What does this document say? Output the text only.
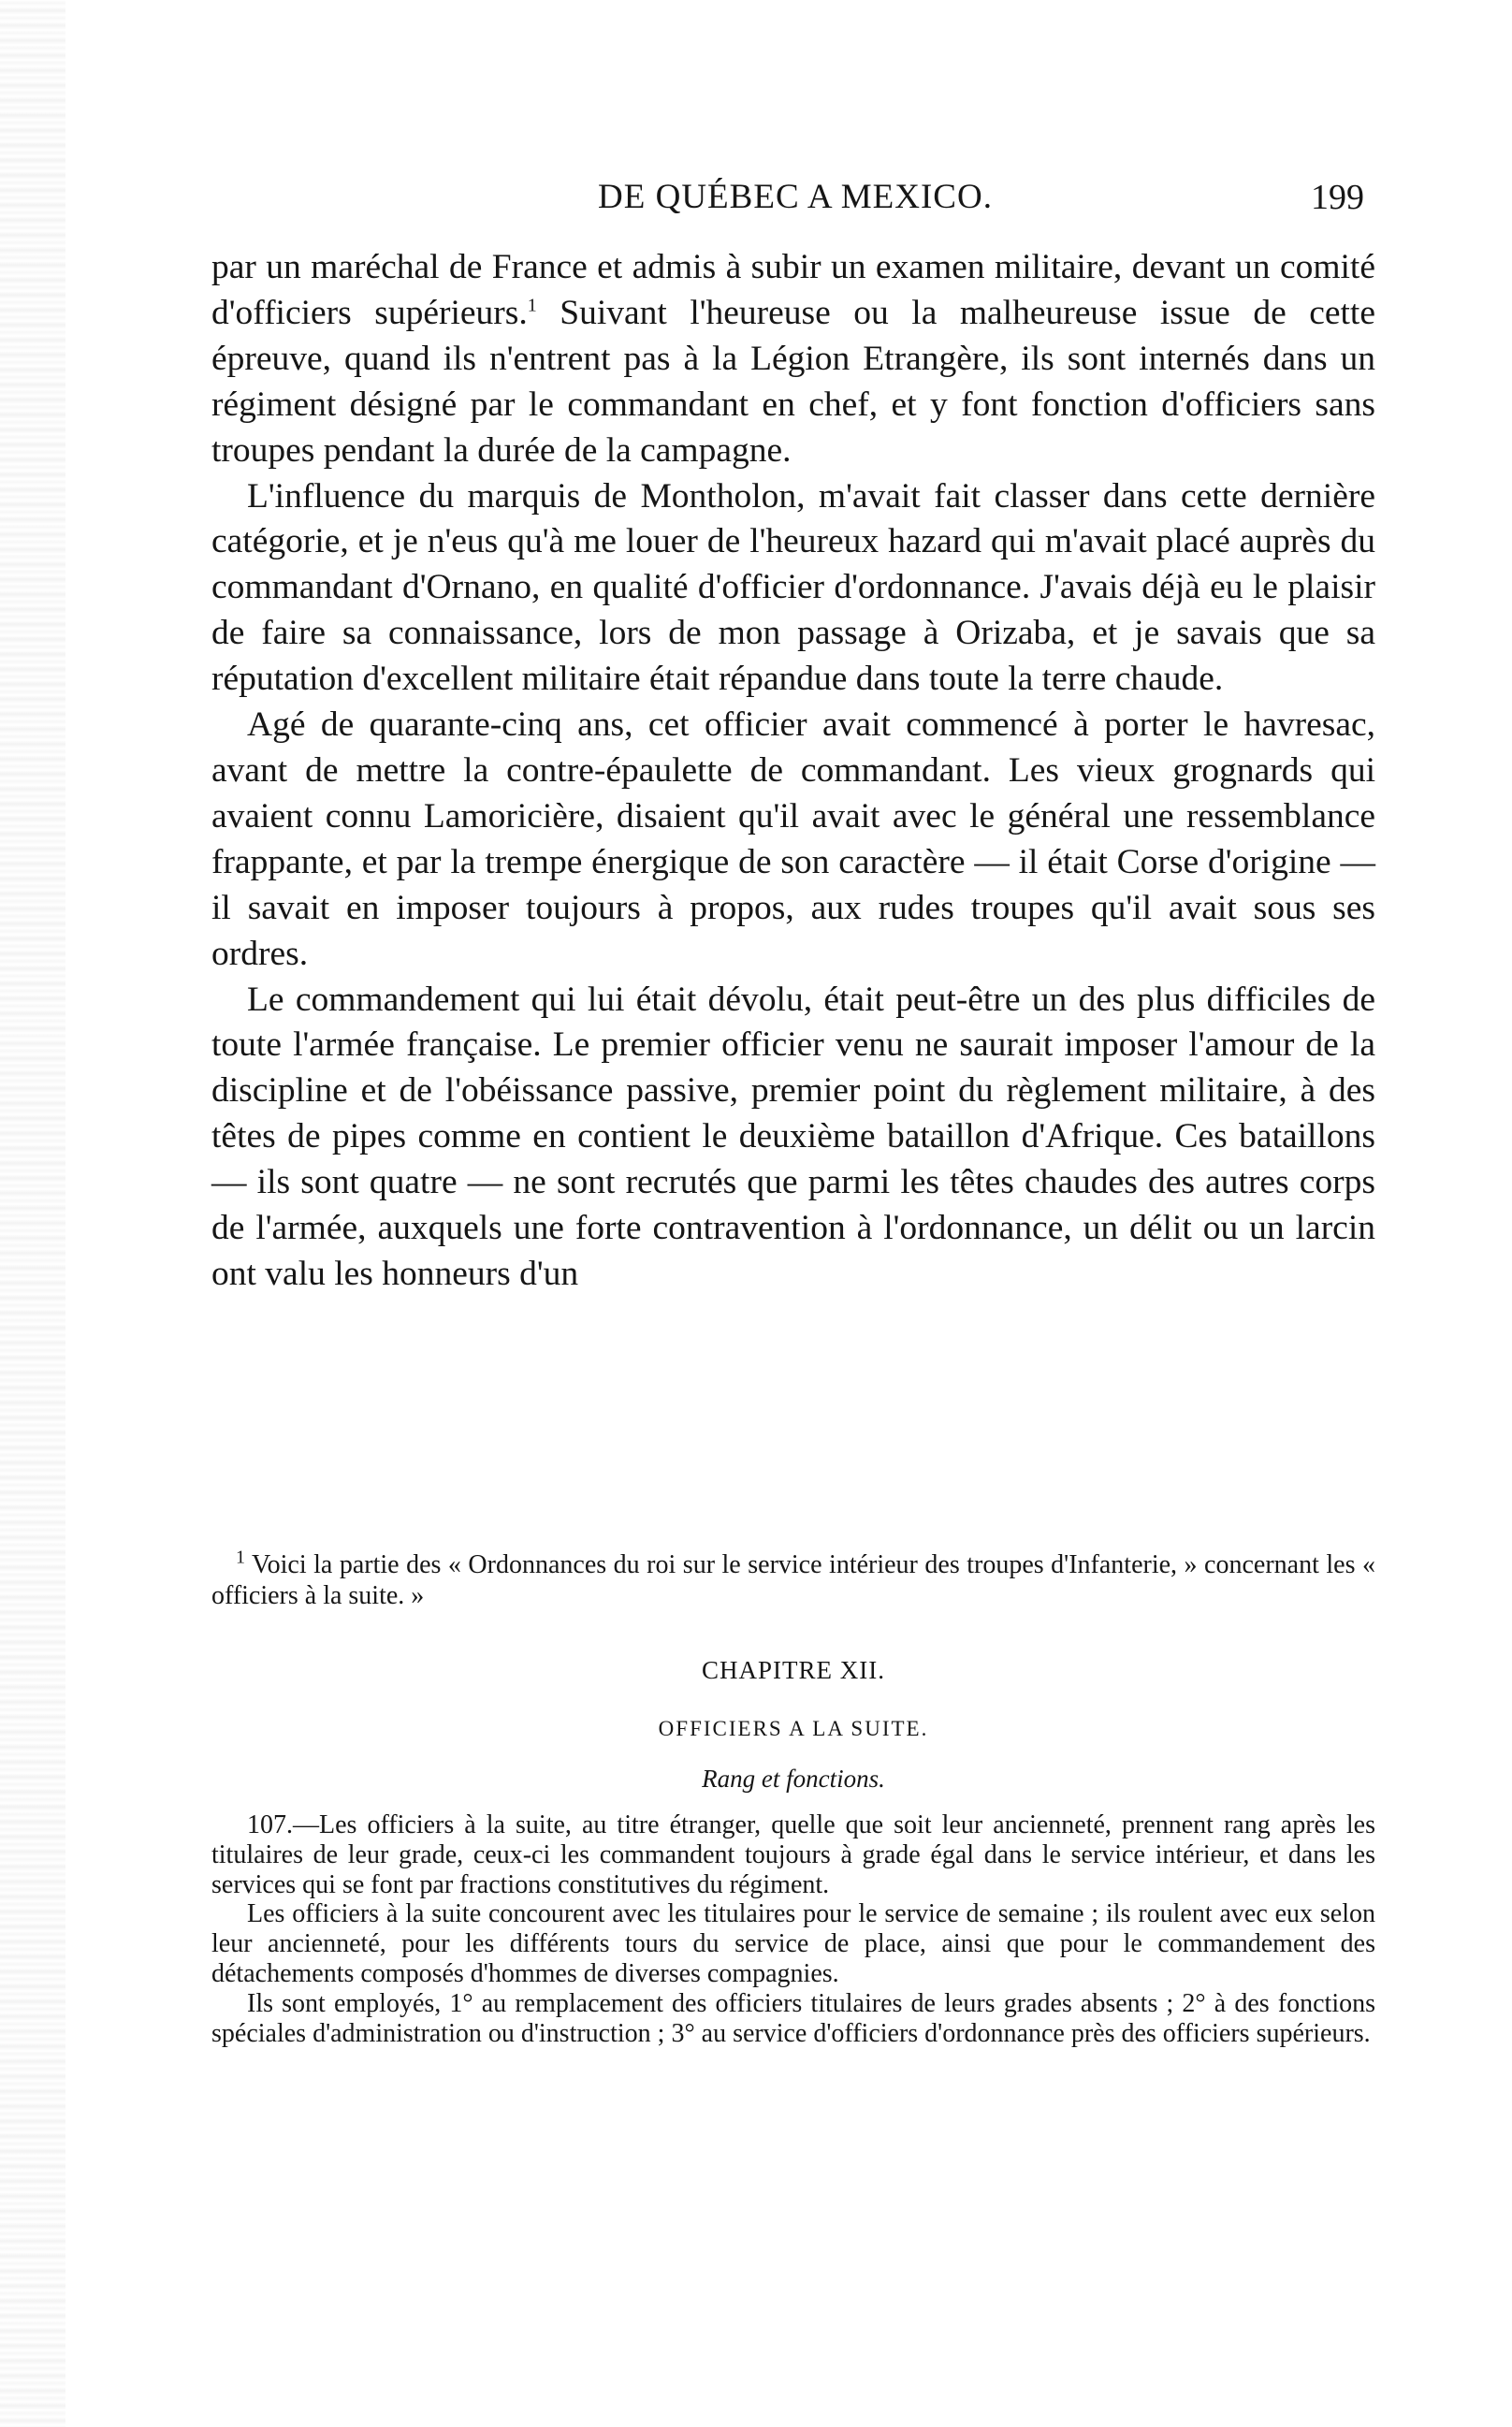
DE QUÉBEC A MEXICO.	199

par un maréchal de France et admis à subir un examen militaire, devant un comité d'officiers supérieurs.$^1$ Suivant l'heureuse ou la malheureuse issue de cette épreuve, quand ils n'entrent pas à la Légion Etrangère, ils sont internés dans un régiment désigné par le commandant en chef, et y font fonction d'officiers sans troupes pendant la durée de la campagne.

L'influence du marquis de Montholon, m'avait fait classer dans cette dernière catégorie, et je n'eus qu'à me louer de l'heureux hazard qui m'avait placé auprès du commandant d'Ornano, en qualité d'officier d'ordonnance. J'avais déjà eu le plaisir de faire sa connaissance, lors de mon passage à Orizaba, et je savais que sa réputation d'excellent militaire était répandue dans toute la terre chaude.

Agé de quarante-cinq ans, cet officier avait commencé à porter le havresac, avant de mettre la contre-épaulette de commandant. Les vieux grognards qui avaient connu Lamoricière, disaient qu'il avait avec le général une ressemblance frappante, et par la trempe énergique de son caractère — il était Corse d'origine — il savait en imposer toujours à propos, aux rudes troupes qu'il avait sous ses ordres.

Le commandement qui lui était dévolu, était peut-être un des plus difficiles de toute l'armée française. Le premier officier venu ne saurait imposer l'amour de la discipline et de l'obéissance passive, premier point du règlement militaire, à des têtes de pipes comme en contient le deuxième bataillon d'Afrique. Ces bataillons — ils sont quatre — ne sont recrutés que parmi les têtes chaudes des autres corps de l'armée, auxquels une forte contravention à l'ordonnance, un délit ou un larcin ont valu les honneurs d'un

$^1$ Voici la partie des « Ordonnances du roi sur le service intérieur des troupes d'Infanterie, » concernant les « officiers à la suite. »
CHAPITRE XII.
OFFICIERS A LA SUITE.
Rang et fonctions.

107.—Les officiers à la suite, au titre étranger, quelle que soit leur ancienneté, prennent rang après les titulaires de leur grade, ceux-ci les commandent toujours à grade égal dans le service intérieur, et dans les services qui se font par fractions constitutives du régiment.

Les officiers à la suite concourent avec les titulaires pour le service de semaine ; ils roulent avec eux selon leur ancienneté, pour les différents tours du service de place, ainsi que pour le commandement des détachements composés d'hommes de diverses compagnies.

Ils sont employés, 1° au remplacement des officiers titulaires de leurs grades absents ; 2° à des fonctions spéciales d'administration ou d'instruction ; 3° au service d'officiers d'ordonnance près des officiers supérieurs.
